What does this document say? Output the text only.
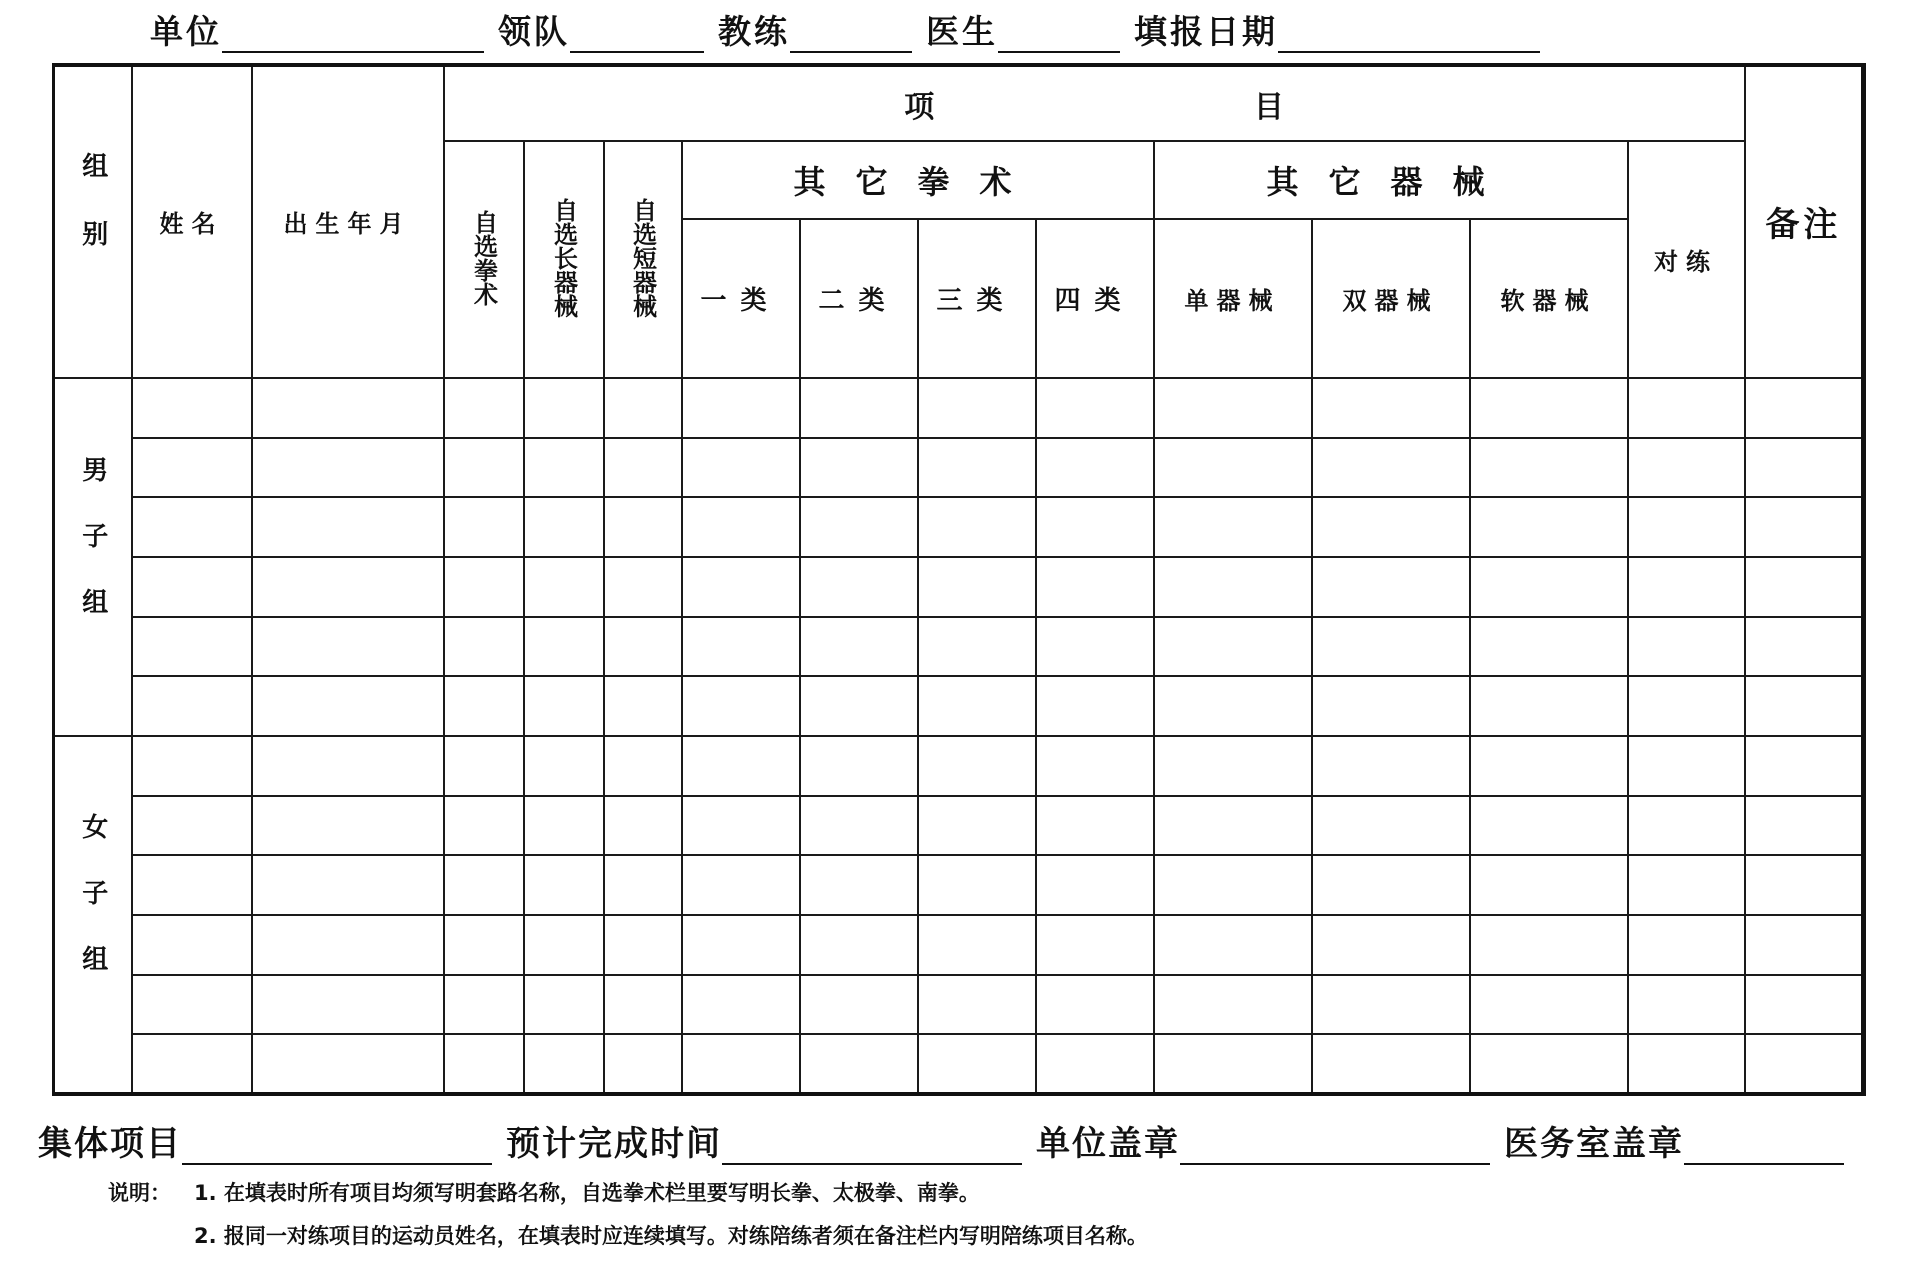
单位	领队	教练	医生	填报日期
组别	姓名	出生年月	项 目											备注
			自选拳术	自选长器械	自选短器械	其它拳术				其它器械			对练	
						一类	二类	三类	四类	单器械	双器械	软器械		
男子组														

女子组														

集体项目	预计完成时间	单位盖章	医务室盖章
说明：	1. 在填表时所有项目均须写明套路名称，自选拳术栏里要写明长拳、太极拳、南拳。
2. 报同一对练项目的运动员姓名，在填表时应连续填写。对练陪练者须在备注栏内写明陪练项目名称。
